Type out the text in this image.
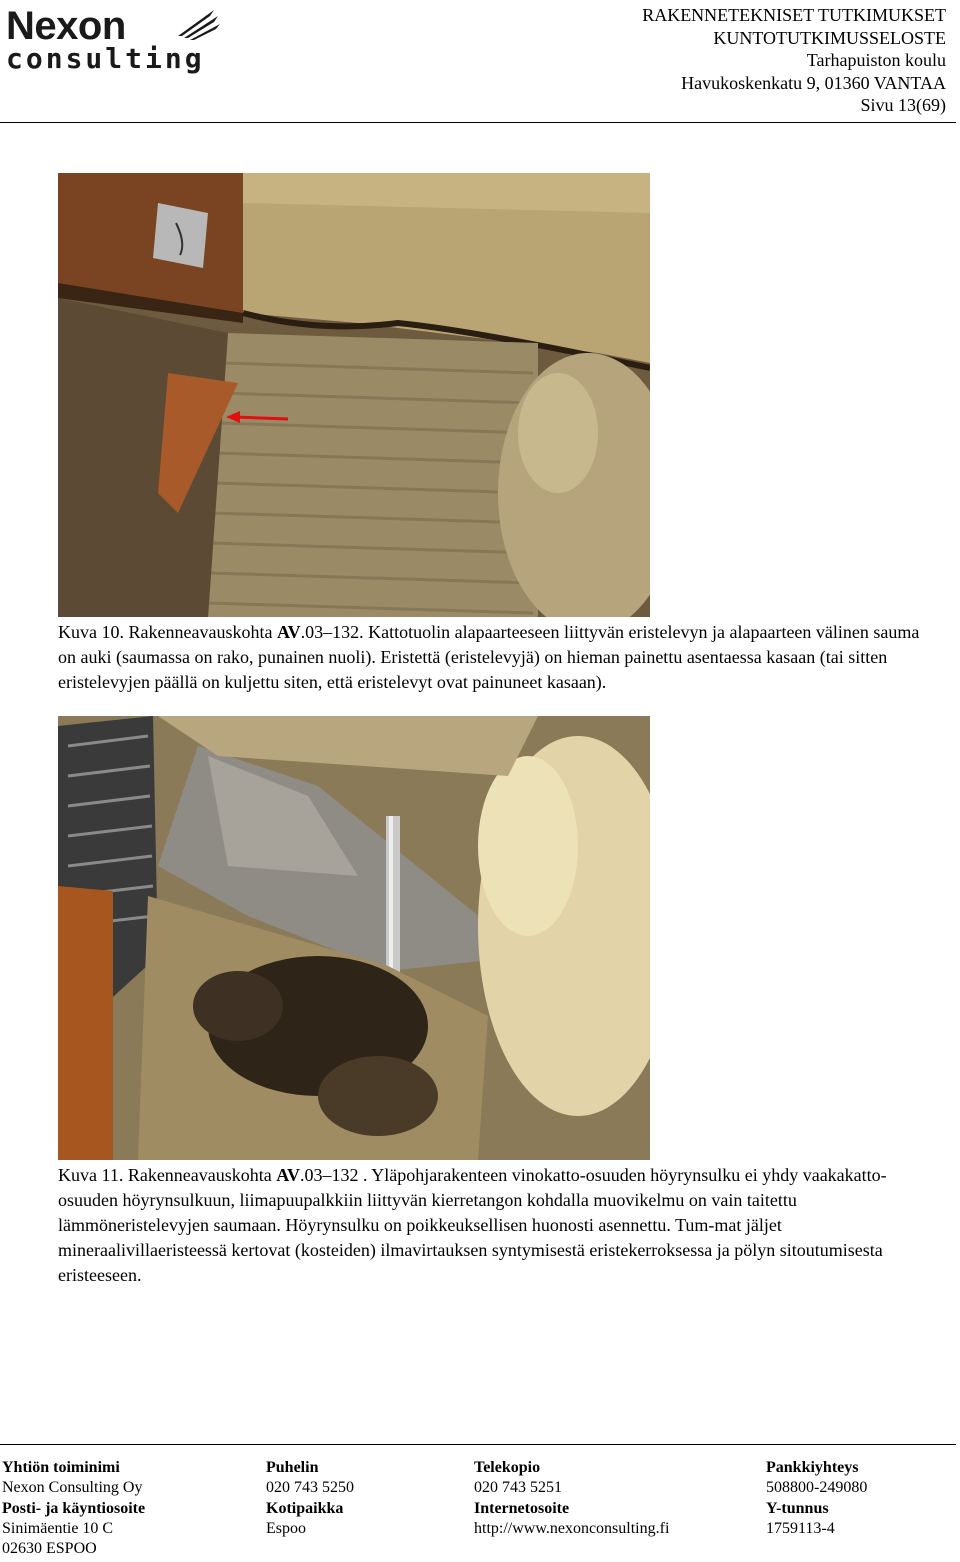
Nexon
consulting
RAKENNETEKNISET TUTKIMUKSET
KUNTOTUTKIMUSSELOSTE
Tarhapuiston koulu
Havukoskenkatu 9, 01360 VANTAA
Sivu 13(69)
Kuva 10. Rakenneavauskohta AV.03–132. Kattotuolin alapaarteeseen liittyvän eristelevyn ja alapaarteen välinen sauma on auki (saumassa on rako, punainen nuoli). Eristettä (eristelevyjä) on hieman painettu asentaessa kasaan (tai sitten eristelevyjen päällä on kuljettu siten, että eristelevyt ovat painuneet kasaan).
Kuva 11. Rakenneavauskohta AV.03–132 . Yläpohjarakenteen vinokatto-osuuden höyrynsulku ei yhdy vaakakatto-osuuden höyrynsulkuun, liimapuupalkkiin liittyvän kierretangon kohdalla muovikelmu on vain taitettu lämmöneristelevyjen saumaan. Höyrynsulku on poikkeuksellisen huonosti asennettu. Tum-mat jäljet mineraalivillaeristeessä kertovat (kosteiden) ilmavirtauksen syntymisestä eristekerroksessa ja pölyn sitoutumisesta eristeeseen.
Yhtiön toiminimi
Nexon Consulting Oy
Posti- ja käyntiosoite
Sinimäentie 10 C
02630 ESPOO
Puhelin
020 743 5250
Kotipaikka
Espoo
Telekopio
020 743 5251
Internetosoite
http://www.nexonconsulting.fi
Pankkiyhteys
508800-249080
Y-tunnus
1759113-4
